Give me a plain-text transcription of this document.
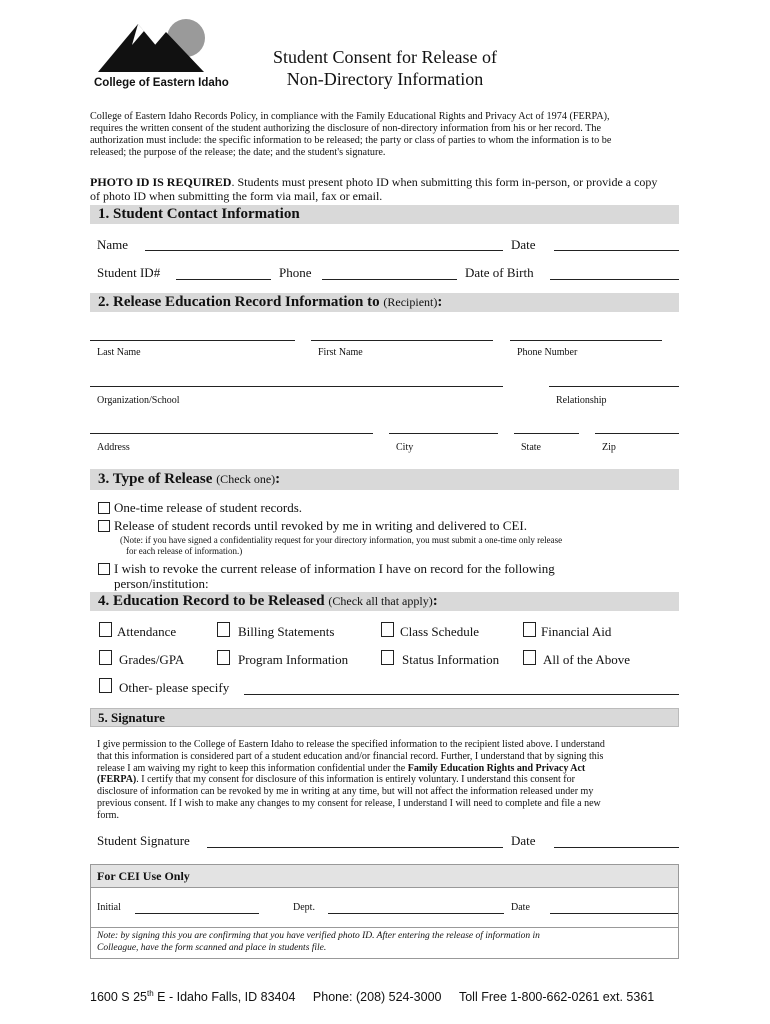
College of Eastern Idaho
Student Consent for Release of
Non-Directory Information
College of Eastern Idaho Records Policy, in compliance with the Family Educational Rights and Privacy Act of 1974 (FERPA),
requires the written consent of the student authorizing the disclosure of non-directory information from his or her record. The
authorization must include: the specific information to be released; the party or class of parties to whom the information is to be
released; the purpose of the release; the date; and the student's signature.
PHOTO ID IS REQUIRED. Students must present photo ID when submitting this form in-person, or provide a copy
of photo ID when submitting the form via mail, fax or email.
1. Student Contact Information
Name	Date
Student ID#	Phone	Date of Birth
2. Release Education Record Information to (Recipient):
Last Name	First Name	Phone Number
Organization/School	Relationship
Address	City	State	Zip
3. Type of Release (Check one):
One-time release of student records.
Release of student records until revoked by me in writing and delivered to CEI.
(Note: if you have signed a confidentiality request for your directory information, you must submit a one-time only release
for each release of information.)
I wish to revoke the current release of information I have on record for the following
person/institution:
4. Education Record to be Released (Check all that apply):
Attendance	Billing Statements	Class Schedule	Financial Aid
Grades/GPA	Program Information	Status Information	All of the Above
Other- please specify
5. Signature
I give permission to the College of Eastern Idaho to release the specified information to the recipient listed above. I understand
that this information is considered part of a student education and/or financial record. Further, I understand that by signing this
release I am waiving my right to keep this information confidential under the Family Education Rights and Privacy Act
(FERPA). I certify that my consent for disclosure of this information is entirely voluntary. I understand this consent for
disclosure of information can be revoked by me in writing at any time, but will not affect the information released under my
previous consent. If I wish to make any changes to my consent for release, I understand I will need to complete and file a new
form.
Student Signature	Date
For CEI Use Only
Initial	Dept.	Date
Note: by signing this you are confirming that you have verified photo ID. After entering the release of information in
Colleague, have the form scanned and place in students file.
1600 S 25th E - Idaho Falls, ID 83404 Phone: (208) 524-3000 Toll Free 1-800-662-0261 ext. 5361
